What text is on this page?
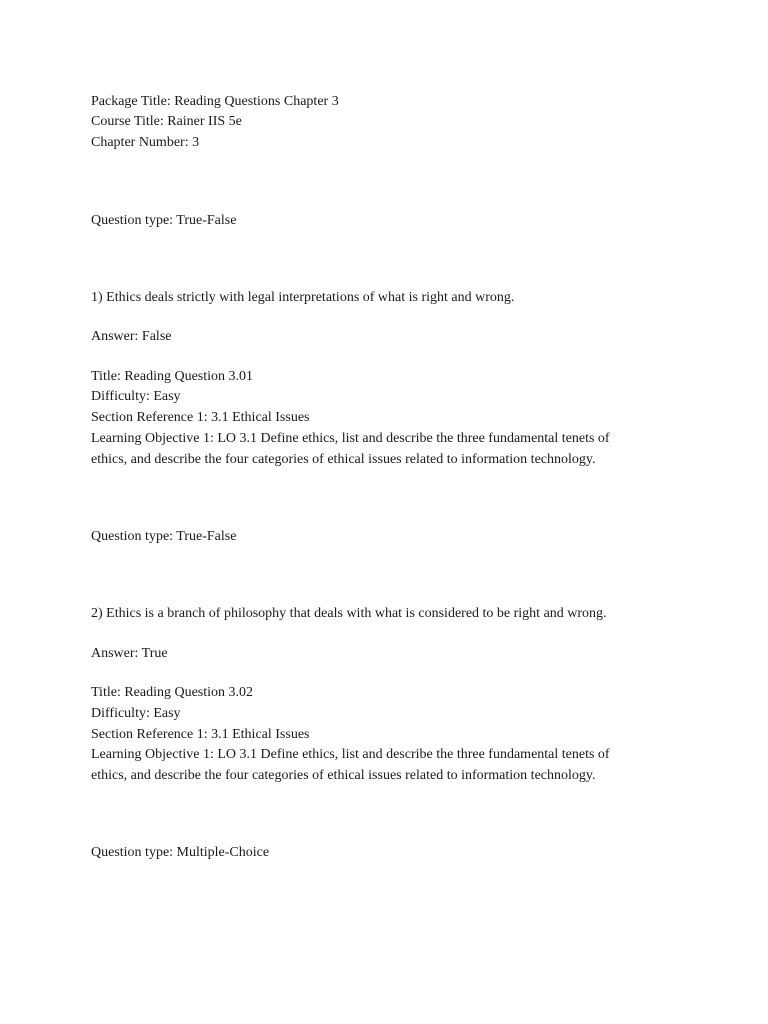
Package Title: Reading Questions Chapter 3
Course Title: Rainer IIS 5e
Chapter Number: 3
Question type: True-False
1) Ethics deals strictly with legal interpretations of what is right and wrong.
Answer: False
Title: Reading Question 3.01
Difficulty: Easy
Section Reference 1: 3.1 Ethical Issues
Learning Objective 1: LO 3.1 Define ethics, list and describe the three fundamental tenets of
ethics, and describe the four categories of ethical issues related to information technology.
Question type: True-False
2) Ethics is a branch of philosophy that deals with what is considered to be right and wrong.
Answer: True
Title: Reading Question 3.02
Difficulty: Easy
Section Reference 1: 3.1 Ethical Issues
Learning Objective 1: LO 3.1 Define ethics, list and describe the three fundamental tenets of
ethics, and describe the four categories of ethical issues related to information technology.
Question type: Multiple-Choice
